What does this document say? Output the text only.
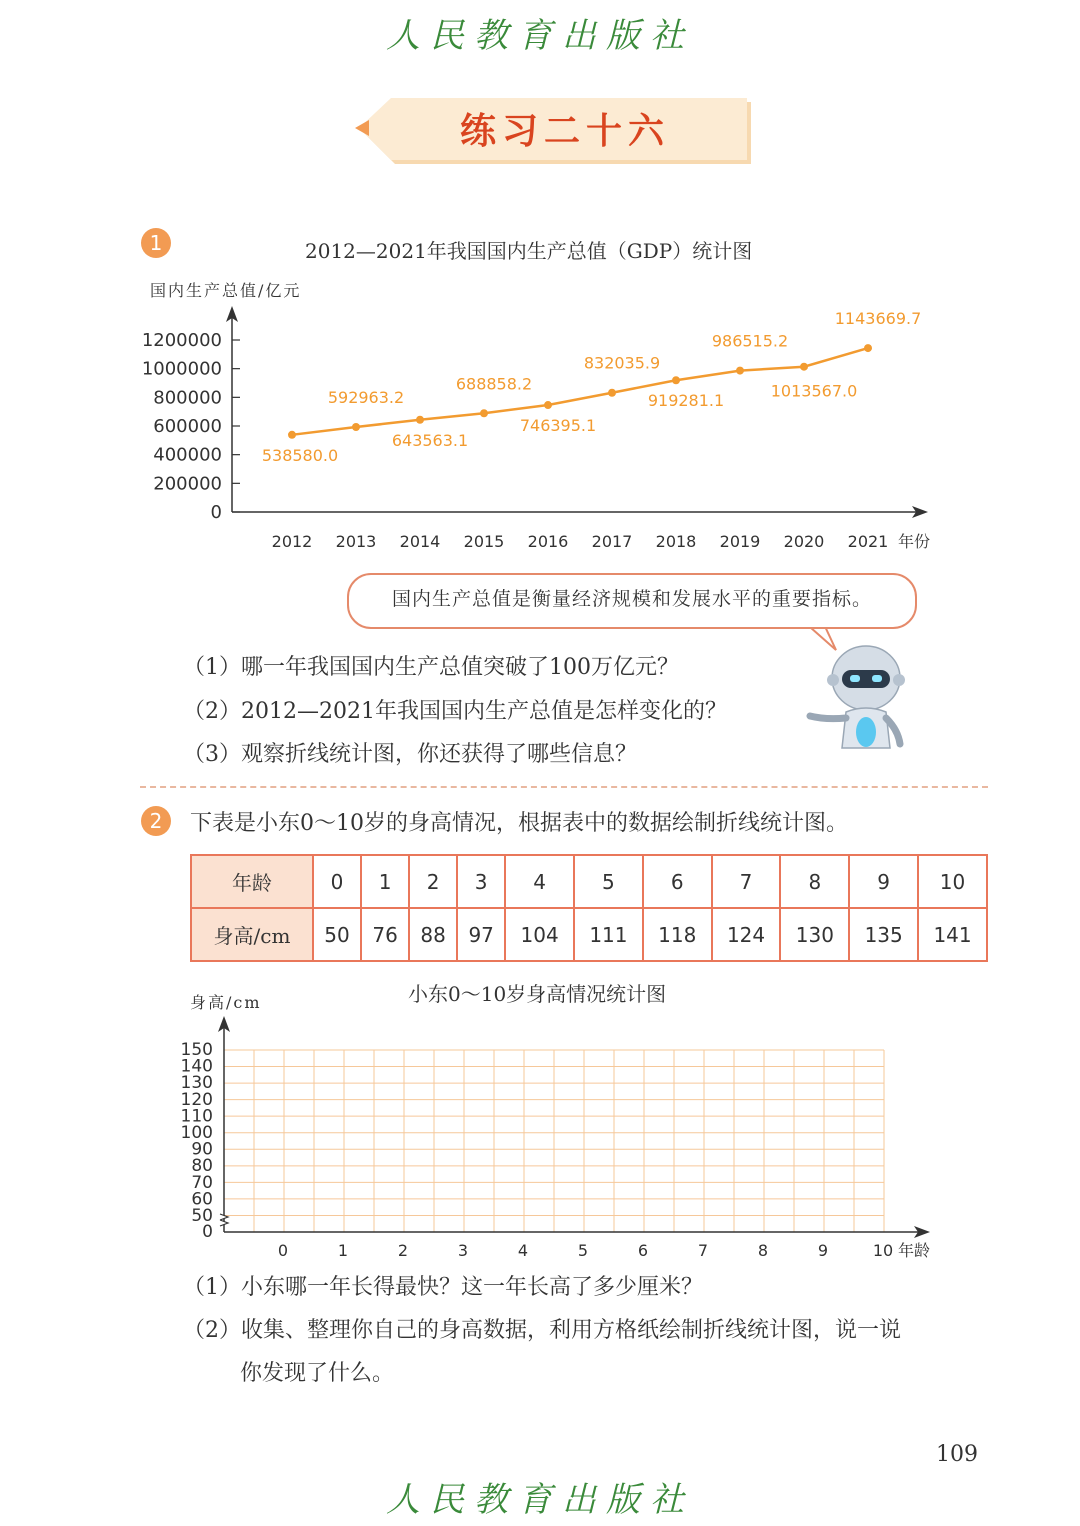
人民教育出版社
练习二十六
1	2012—2021年我国国内生产总值（GDP）统计图
国内生产总值/亿元
0
200000
400000
600000
800000
1000000
1200000
2012 2013 2014 2015 2016 2017 2018 2019 2020 2021
538580.0
592963.2
643563.1
688858.2
746395.1
832035.9
919281.1
986515.2
1013567.0
1143669.7
年份
国内生产总值是衡量经济规模和发展水平的重要指标。
（1）哪一年我国国内生产总值突破了100万亿元？
（2）2012—2021年我国国内生产总值是怎样变化的？
（3）观察折线统计图，你还获得了哪些信息？
2	下表是小东0～10岁的身高情况，根据表中的数据绘制折线统计图。
年龄	0	1	2	3	4	5	6	7	8	9	10
身高/cm	50	76	88	97	104	111	118	124	130	135	141
小东0～10岁身高情况统计图
身高/cm
0
50
60
70
80
90
100
110
120
130
140
150
0	1	2	3	4	5	6	7	8	9	10 年龄
（1）小东哪一年长得最快？这一年长高了多少厘米？
（2）收集、整理你自己的身高数据，利用方格纸绘制折线统计图，说一说
你发现了什么。
109
人民教育出版社
